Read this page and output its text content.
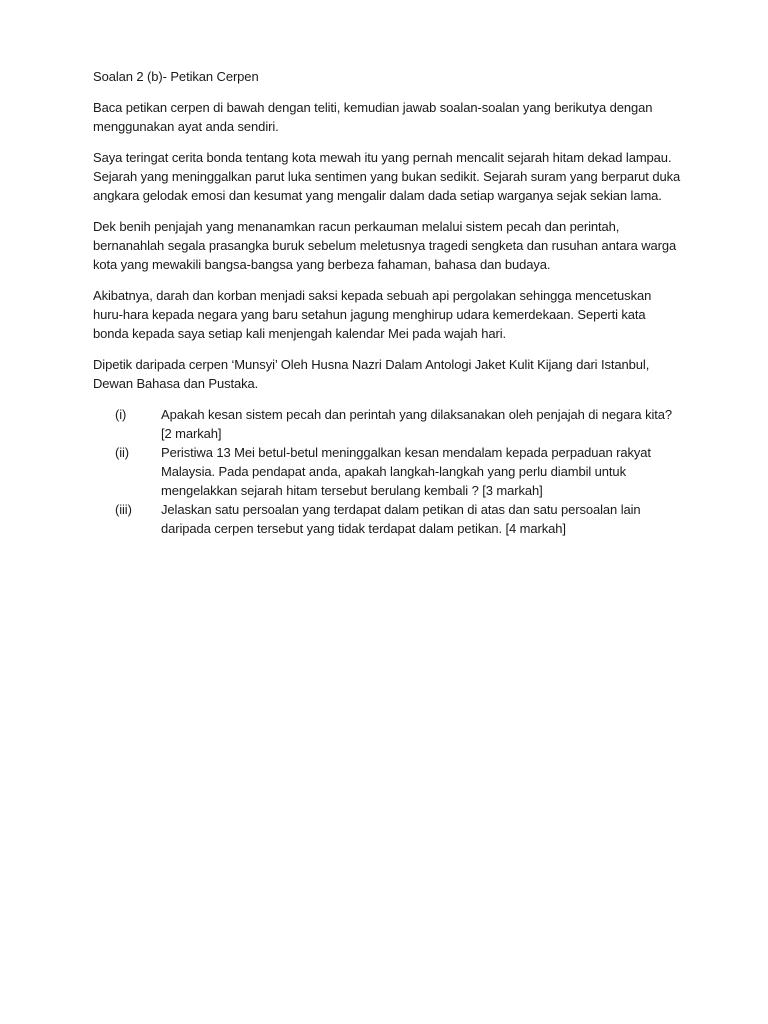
Soalan 2 (b)- Petikan Cerpen

Baca petikan cerpen di bawah dengan teliti, kemudian jawab soalan-soalan yang berikutya dengan menggunakan ayat anda sendiri.

Saya teringat cerita bonda tentang kota mewah itu yang pernah mencalit sejarah hitam dekad lampau. Sejarah yang meninggalkan parut luka sentimen yang bukan sedikit. Sejarah suram yang berparut duka angkara gelodak emosi dan kesumat yang mengalir dalam dada setiap warganya sejak sekian lama.

Dek benih penjajah yang menanamkan racun perkauman melalui sistem pecah dan perintah, bernanahlah segala prasangka buruk sebelum meletusnya tragedi sengketa dan rusuhan antara warga kota yang mewakili bangsa-bangsa yang berbeza fahaman, bahasa dan budaya.

Akibatnya, darah dan korban menjadi saksi kepada sebuah api pergolakan sehingga mencetuskan huru-hara kepada negara yang baru setahun jagung menghirup udara kemerdekaan. Seperti kata bonda kepada saya setiap kali menjengah kalendar Mei pada wajah hari.

Dipetik daripada cerpen ‘Munsyi’ Oleh Husna Nazri Dalam Antologi Jaket Kulit Kijang dari Istanbul, Dewan Bahasa dan Pustaka.

(i)	Apakah kesan sistem pecah dan perintah yang dilaksanakan oleh penjajah di negara kita? [2 markah]
(ii)	Peristiwa 13 Mei betul-betul meninggalkan kesan mendalam kepada perpaduan rakyat Malaysia. Pada pendapat anda, apakah langkah-langkah yang perlu diambil untuk mengelakkan sejarah hitam tersebut berulang kembali ? [3 markah]
(iii)	Jelaskan satu persoalan yang terdapat dalam petikan di atas dan satu persoalan lain daripada cerpen tersebut yang tidak terdapat dalam petikan. [4 markah]
